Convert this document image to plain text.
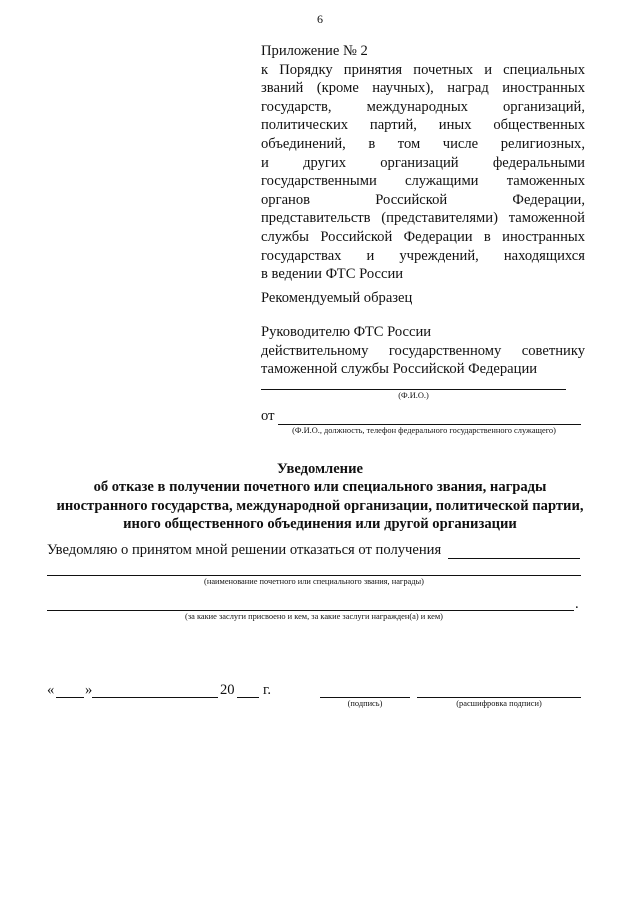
6
Приложение № 2
к Порядку принятия почетных и специальных
званий (кроме научных), наград иностранных
государств, международных организаций,
политических партий, иных общественных
объединений, в том числе религиозных,
и других организаций федеральными
государственными служащими таможенных
органов Российской Федерации,
представительств (представителями) таможенной
службы Российской Федерации в иностранных
государствах и учреждений, находящихся
в ведении ФТС России
Рекомендуемый образец
Руководителю ФТС России
действительному государственному советнику
таможенной службы Российской Федерации
(Ф.И.О.)
от
(Ф.И.О., должность, телефон федерального государственного служащего)
Уведомление
об отказе в получении почетного или специального звания, награды
иностранного государства, международной организации, политической партии,
иного общественного объединения или другой организации
Уведомляю о принятом мной решении отказаться от получения
(наименование почетного или специального звания, награды)
.
(за какие заслуги присвоено и кем, за какие заслуги награжден(а) и кем)
« »	20 г.
(подпись)	(расшифровка подписи)
